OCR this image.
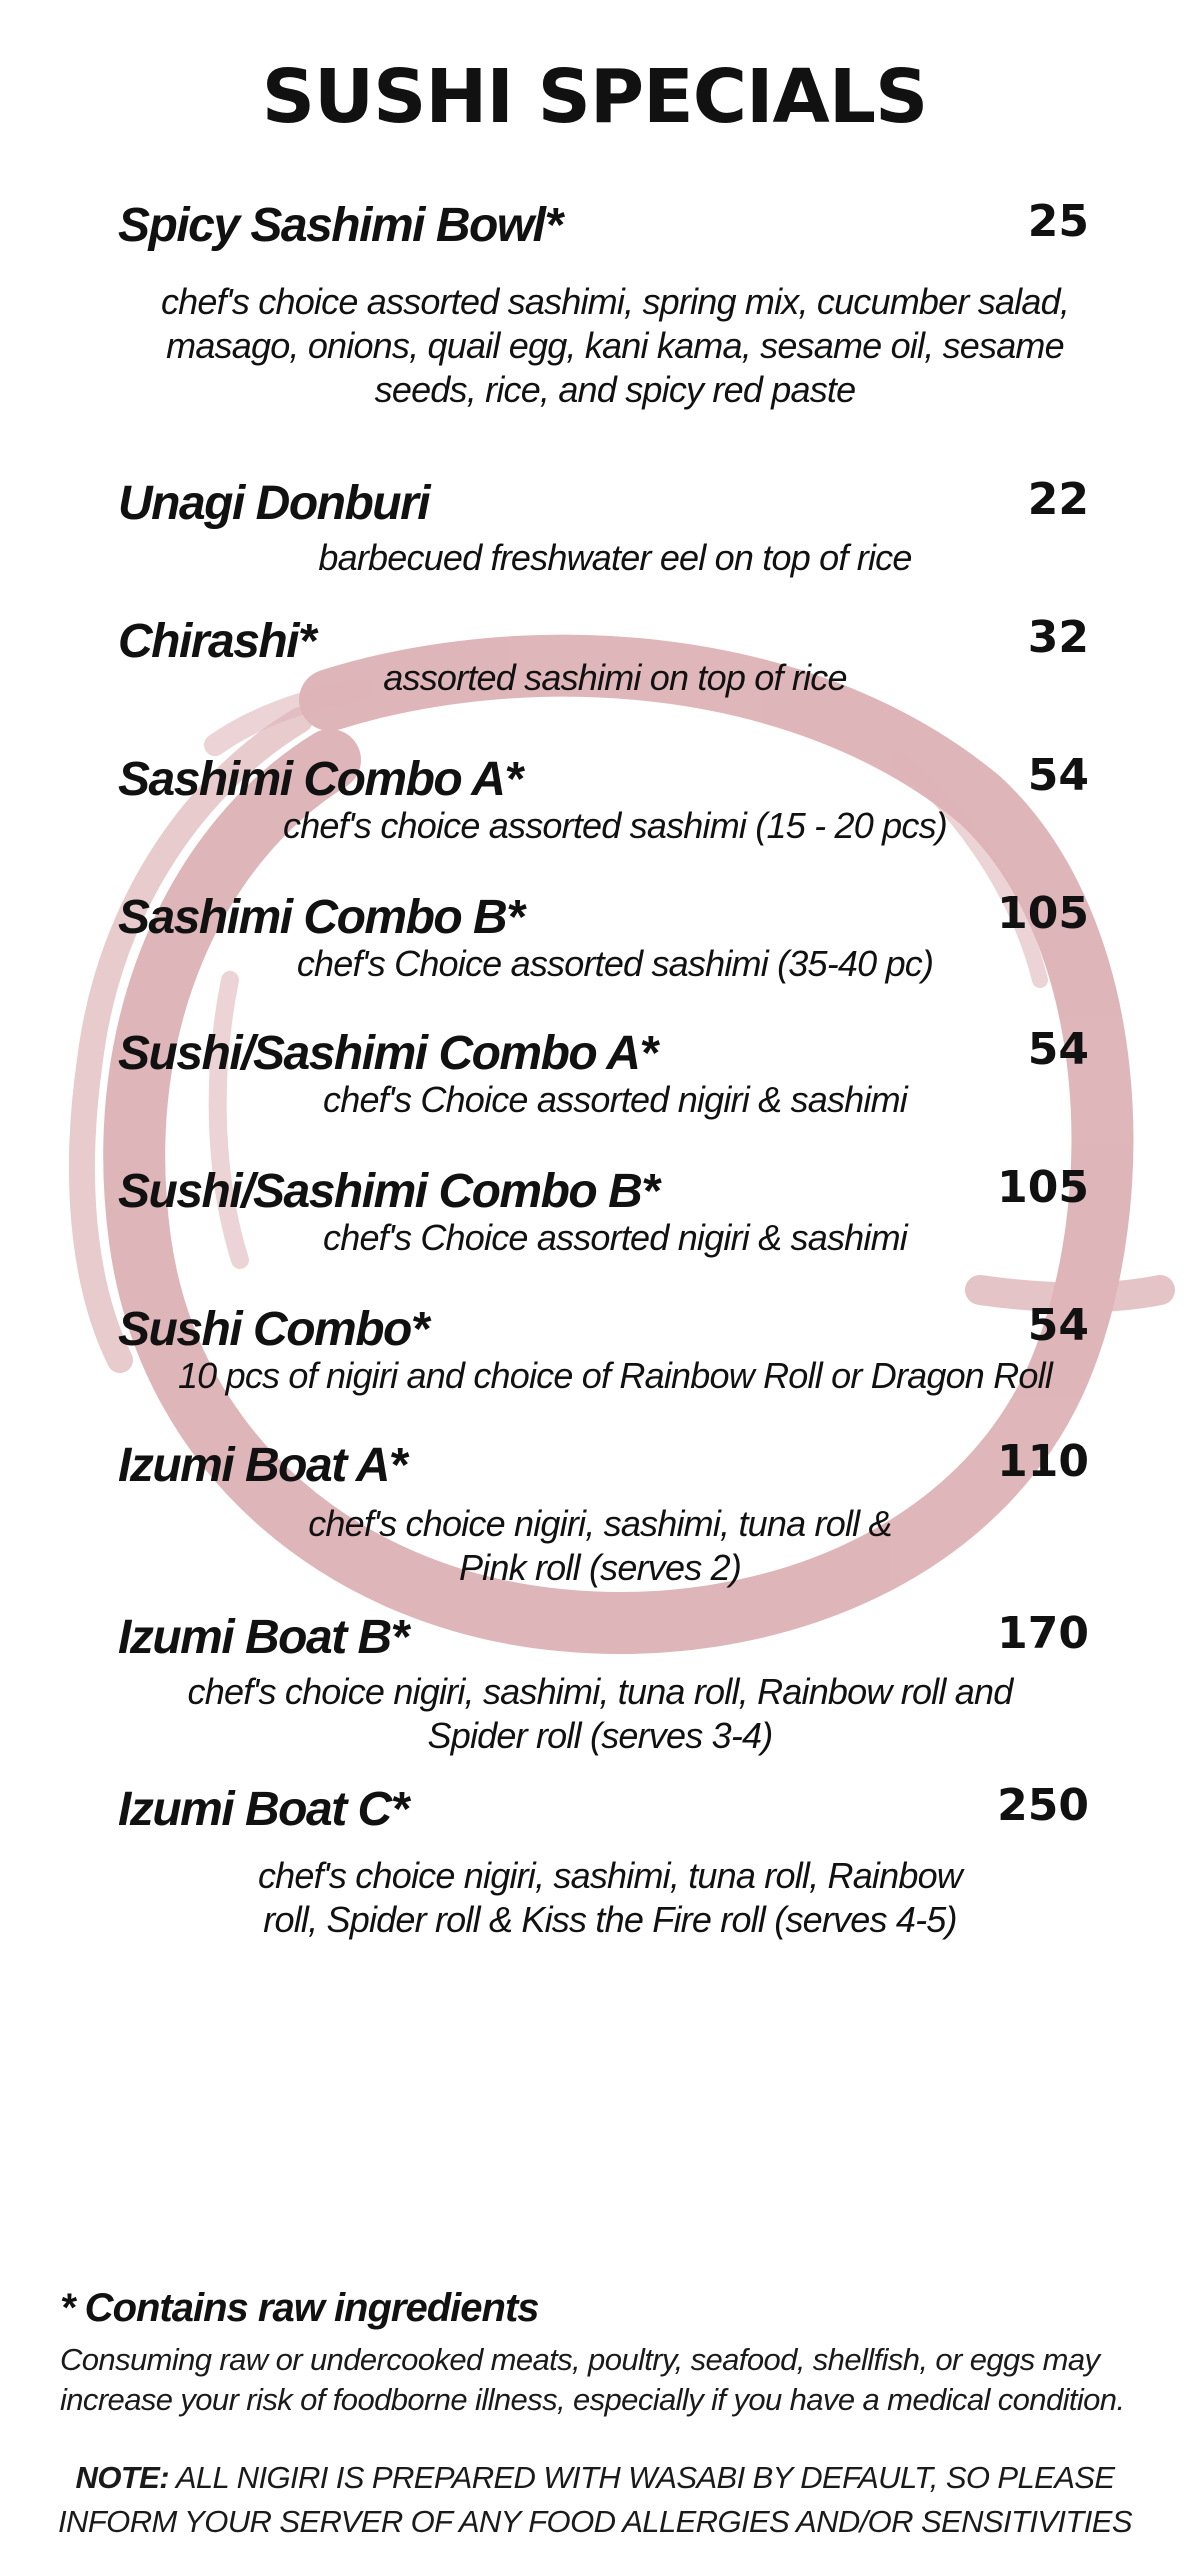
SUSHI SPECIALS
Spicy Sashimi Bowl*	25

chef's choice assorted sashimi, spring mix, cucumber salad, masago, onions, quail egg, kani kama, sesame oil, sesame seeds, rice, and spicy red paste

Unagi Donburi	22

barbecued freshwater eel on top of rice

Chirashi*	32

assorted sashimi on top of rice

Sashimi Combo A*	54

chef's choice assorted sashimi (15 - 20 pcs)

Sashimi Combo B*	105

chef's Choice assorted sashimi (35-40 pc)

Sushi/Sashimi Combo A*	54

chef's Choice assorted nigiri & sashimi

Sushi/Sashimi Combo B*	105

chef's Choice assorted nigiri & sashimi

Sushi Combo*	54

10 pcs of nigiri and choice of Rainbow Roll or Dragon Roll

Izumi Boat A*	110

chef's choice nigiri, sashimi, tuna roll & Pink roll (serves 2)

Izumi Boat B*	170

chef's choice nigiri, sashimi, tuna roll, Rainbow roll and Spider roll (serves 3-4)

Izumi Boat C*	250

chef's choice nigiri, sashimi, tuna roll, Rainbow roll, Spider roll & Kiss the Fire roll (serves 4-5)

* Contains raw ingredients

Consuming raw or undercooked meats, poultry, seafood, shellfish, or eggs may increase your risk of foodborne illness, especially if you have a medical condition.

NOTE: ALL NIGIRI IS PREPARED WITH WASABI BY DEFAULT, SO PLEASE INFORM YOUR SERVER OF ANY FOOD ALLERGIES AND/OR SENSITIVITIES
